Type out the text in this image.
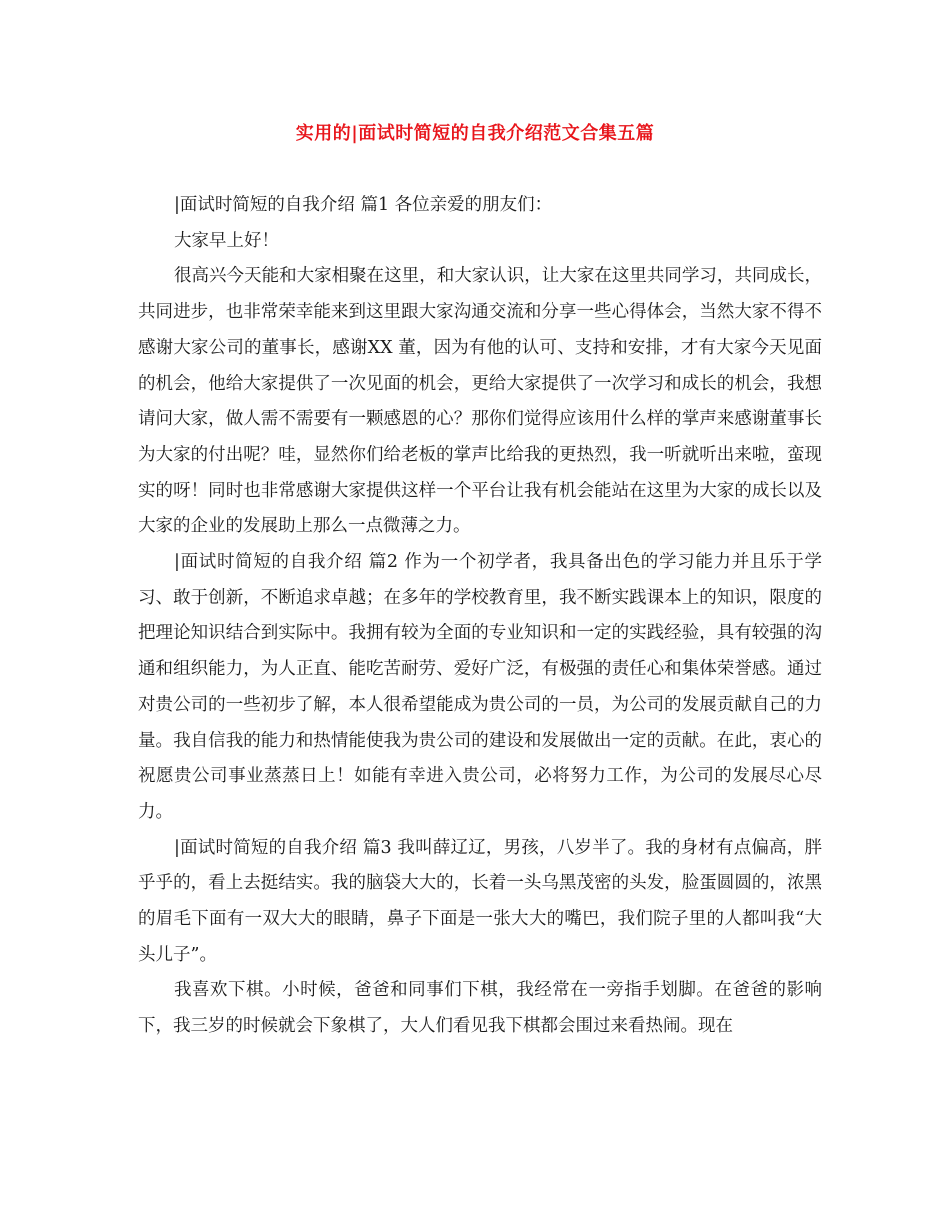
实用的|面试时简短的自我介绍范文合集五篇

|面试时简短的自我介绍 篇1 各位亲爱的朋友们：

大家早上好！

很高兴今天能和大家相聚在这里，和大家认识，让大家在这里共同学习，共同成长，共同进步，也非常荣幸能来到这里跟大家沟通交流和分享一些心得体会，当然大家不得不感谢大家公司的董事长，感谢XX 董，因为有他的认可、支持和安排，才有大家今天见面的机会，他给大家提供了一次见面的机会，更给大家提供了一次学习和成长的机会，我想请问大家，做人需不需要有一颗感恩的心？那你们觉得应该用什么样的掌声来感谢董事长为大家的付出呢？哇，显然你们给老板的掌声比给我的更热烈，我一听就听出来啦，蛮现实的呀！同时也非常感谢大家提供这样一个平台让我有机会能站在这里为大家的成长以及大家的企业的发展助上那么一点微薄之力。

|面试时简短的自我介绍 篇2 作为一个初学者，我具备出色的学习能力并且乐于学习、敢于创新，不断追求卓越；在多年的学校教育里，我不断实践课本上的知识，限度的把理论知识结合到实际中。我拥有较为全面的专业知识和一定的实践经验，具有较强的沟通和组织能力，为人正直、能吃苦耐劳、爱好广泛，有极强的责任心和集体荣誉感。通过对贵公司的一些初步了解，本人很希望能成为贵公司的一员，为公司的发展贡献自己的力量。我自信我的能力和热情能使我为贵公司的建设和发展做出一定的贡献。在此，衷心的祝愿贵公司事业蒸蒸日上！如能有幸进入贵公司，必将努力工作，为公司的发展尽心尽力。

|面试时简短的自我介绍 篇3 我叫薛辽辽，男孩，八岁半了。我的身材有点偏高，胖乎乎的，看上去挺结实。我的脑袋大大的，长着一头乌黑茂密的头发，脸蛋圆圆的，浓黑的眉毛下面有一双大大的眼睛，鼻子下面是一张大大的嘴巴，我们院子里的人都叫我“大头儿子”。

我喜欢下棋。小时候，爸爸和同事们下棋，我经常在一旁指手划脚。在爸爸的影响下，我三岁的时候就会下象棋了，大人们看见我下棋都会围过来看热闹。现在
